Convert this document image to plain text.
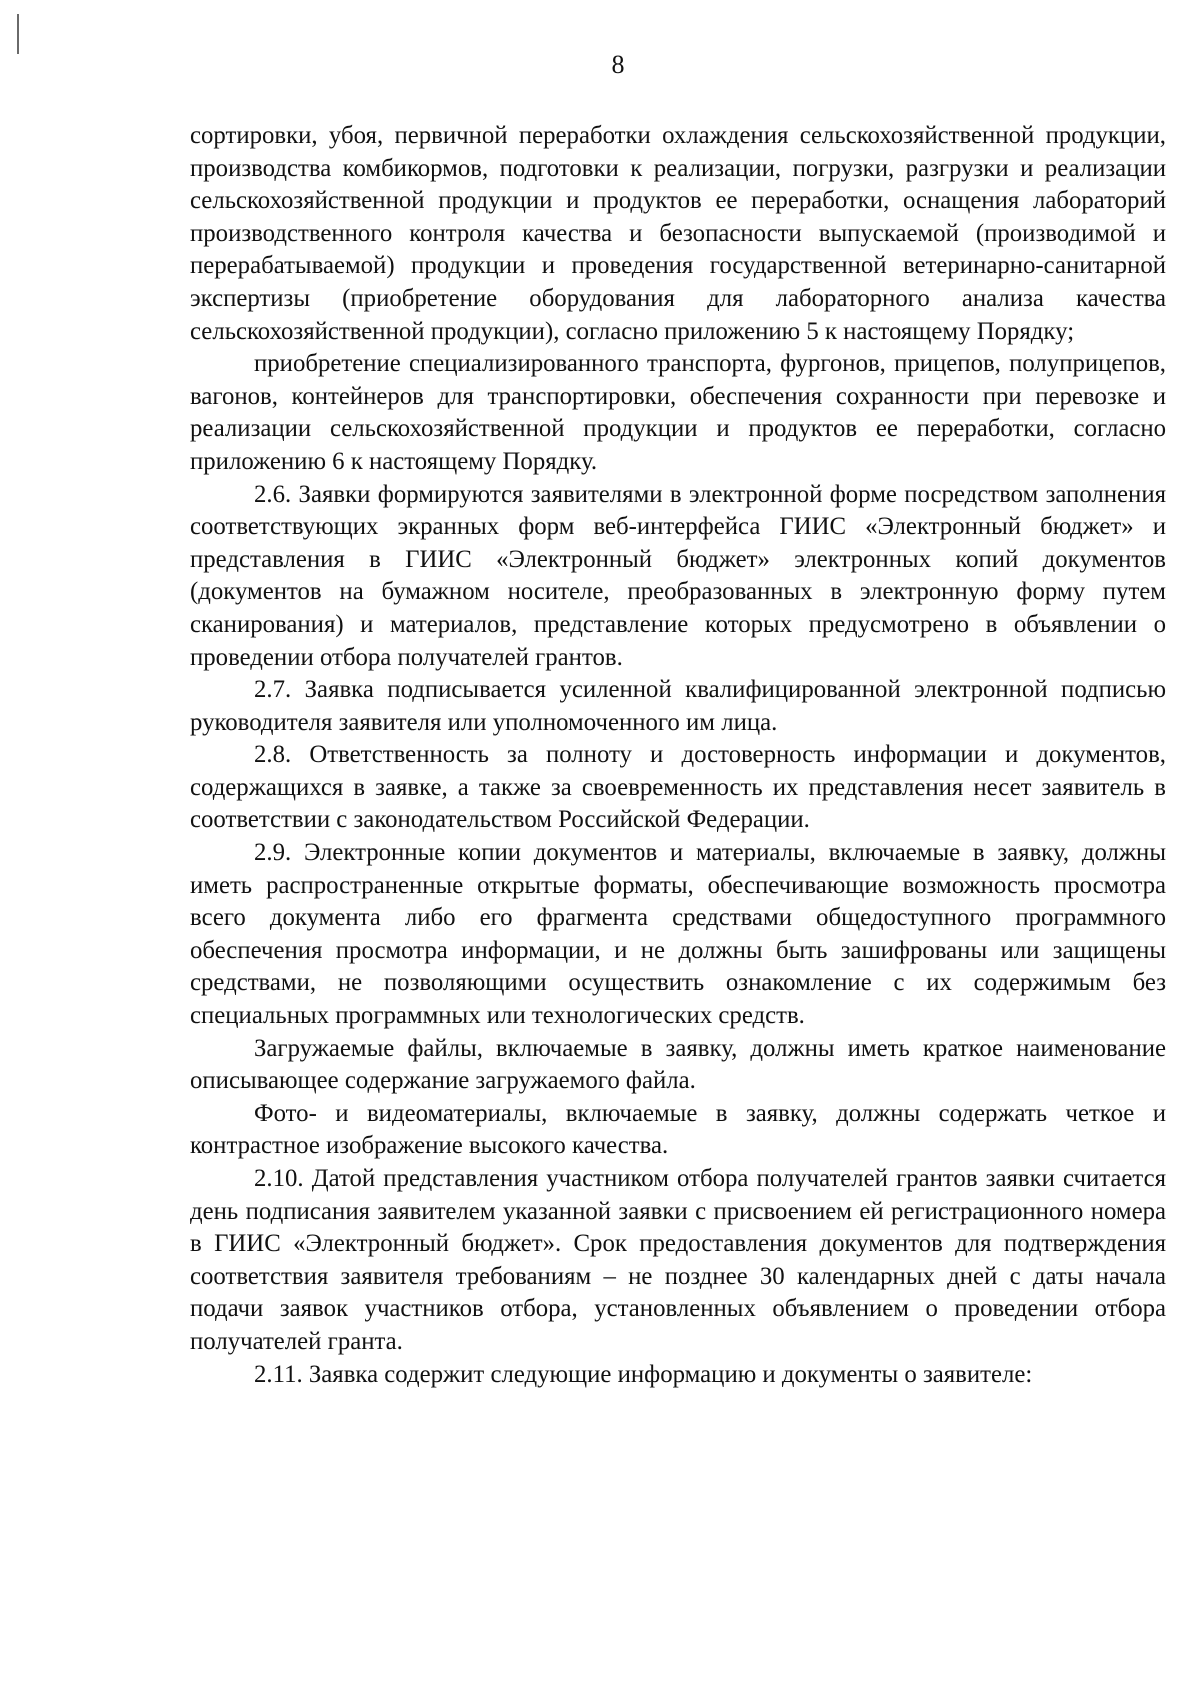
8

сортировки, убоя, первичной переработки охлаждения сельскохозяйственной продукции, производства комбикормов, подготовки к реализации, погрузки, разгрузки и реализации сельскохозяйственной продукции и продуктов ее переработки, оснащения лабораторий производственного контроля качества и безопасности выпускаемой (производимой и перерабатываемой) продукции и проведения государственной ветеринарно-санитарной экспертизы (приобретение оборудования для лабораторного анализа качества сельскохозяйственной продукции), согласно приложению 5 к настоящему Порядку;

приобретение специализированного транспорта, фургонов, прицепов, полуприцепов, вагонов, контейнеров для транспортировки, обеспечения сохранности при перевозке и реализации сельскохозяйственной продукции и продуктов ее переработки, согласно приложению 6 к настоящему Порядку.

2.6. Заявки формируются заявителями в электронной форме посредством заполнения соответствующих экранных форм веб-интерфейса ГИИС «Электронный бюджет» и представления в ГИИС «Электронный бюджет» электронных копий документов (документов на бумажном носителе, преобразованных в электронную форму путем сканирования) и материалов, представление которых предусмотрено в объявлении о проведении отбора получателей грантов.

2.7. Заявка подписывается усиленной квалифицированной электронной подписью руководителя заявителя или уполномоченного им лица.

2.8. Ответственность за полноту и достоверность информации и документов, содержащихся в заявке, а также за своевременность их представления несет заявитель в соответствии с законодательством Российской Федерации.

2.9. Электронные копии документов и материалы, включаемые в заявку, должны иметь распространенные открытые форматы, обеспечивающие возможность просмотра всего документа либо его фрагмента средствами общедоступного программного обеспечения просмотра информации, и не должны быть зашифрованы или защищены средствами, не позволяющими осуществить ознакомление с их содержимым без специальных программных или технологических средств.

Загружаемые файлы, включаемые в заявку, должны иметь краткое наименование описывающее содержание загружаемого файла.

Фото- и видеоматериалы, включаемые в заявку, должны содержать четкое и контрастное изображение высокого качества.

2.10. Датой представления участником отбора получателей грантов заявки считается день подписания заявителем указанной заявки с присвоением ей регистрационного номера в ГИИС «Электронный бюджет». Срок предоставления документов для подтверждения соответствия заявителя требованиям – не позднее 30 календарных дней с даты начала подачи заявок участников отбора, установленных объявлением о проведении отбора получателей гранта.

2.11. Заявка содержит следующие информацию и документы о заявителе:
